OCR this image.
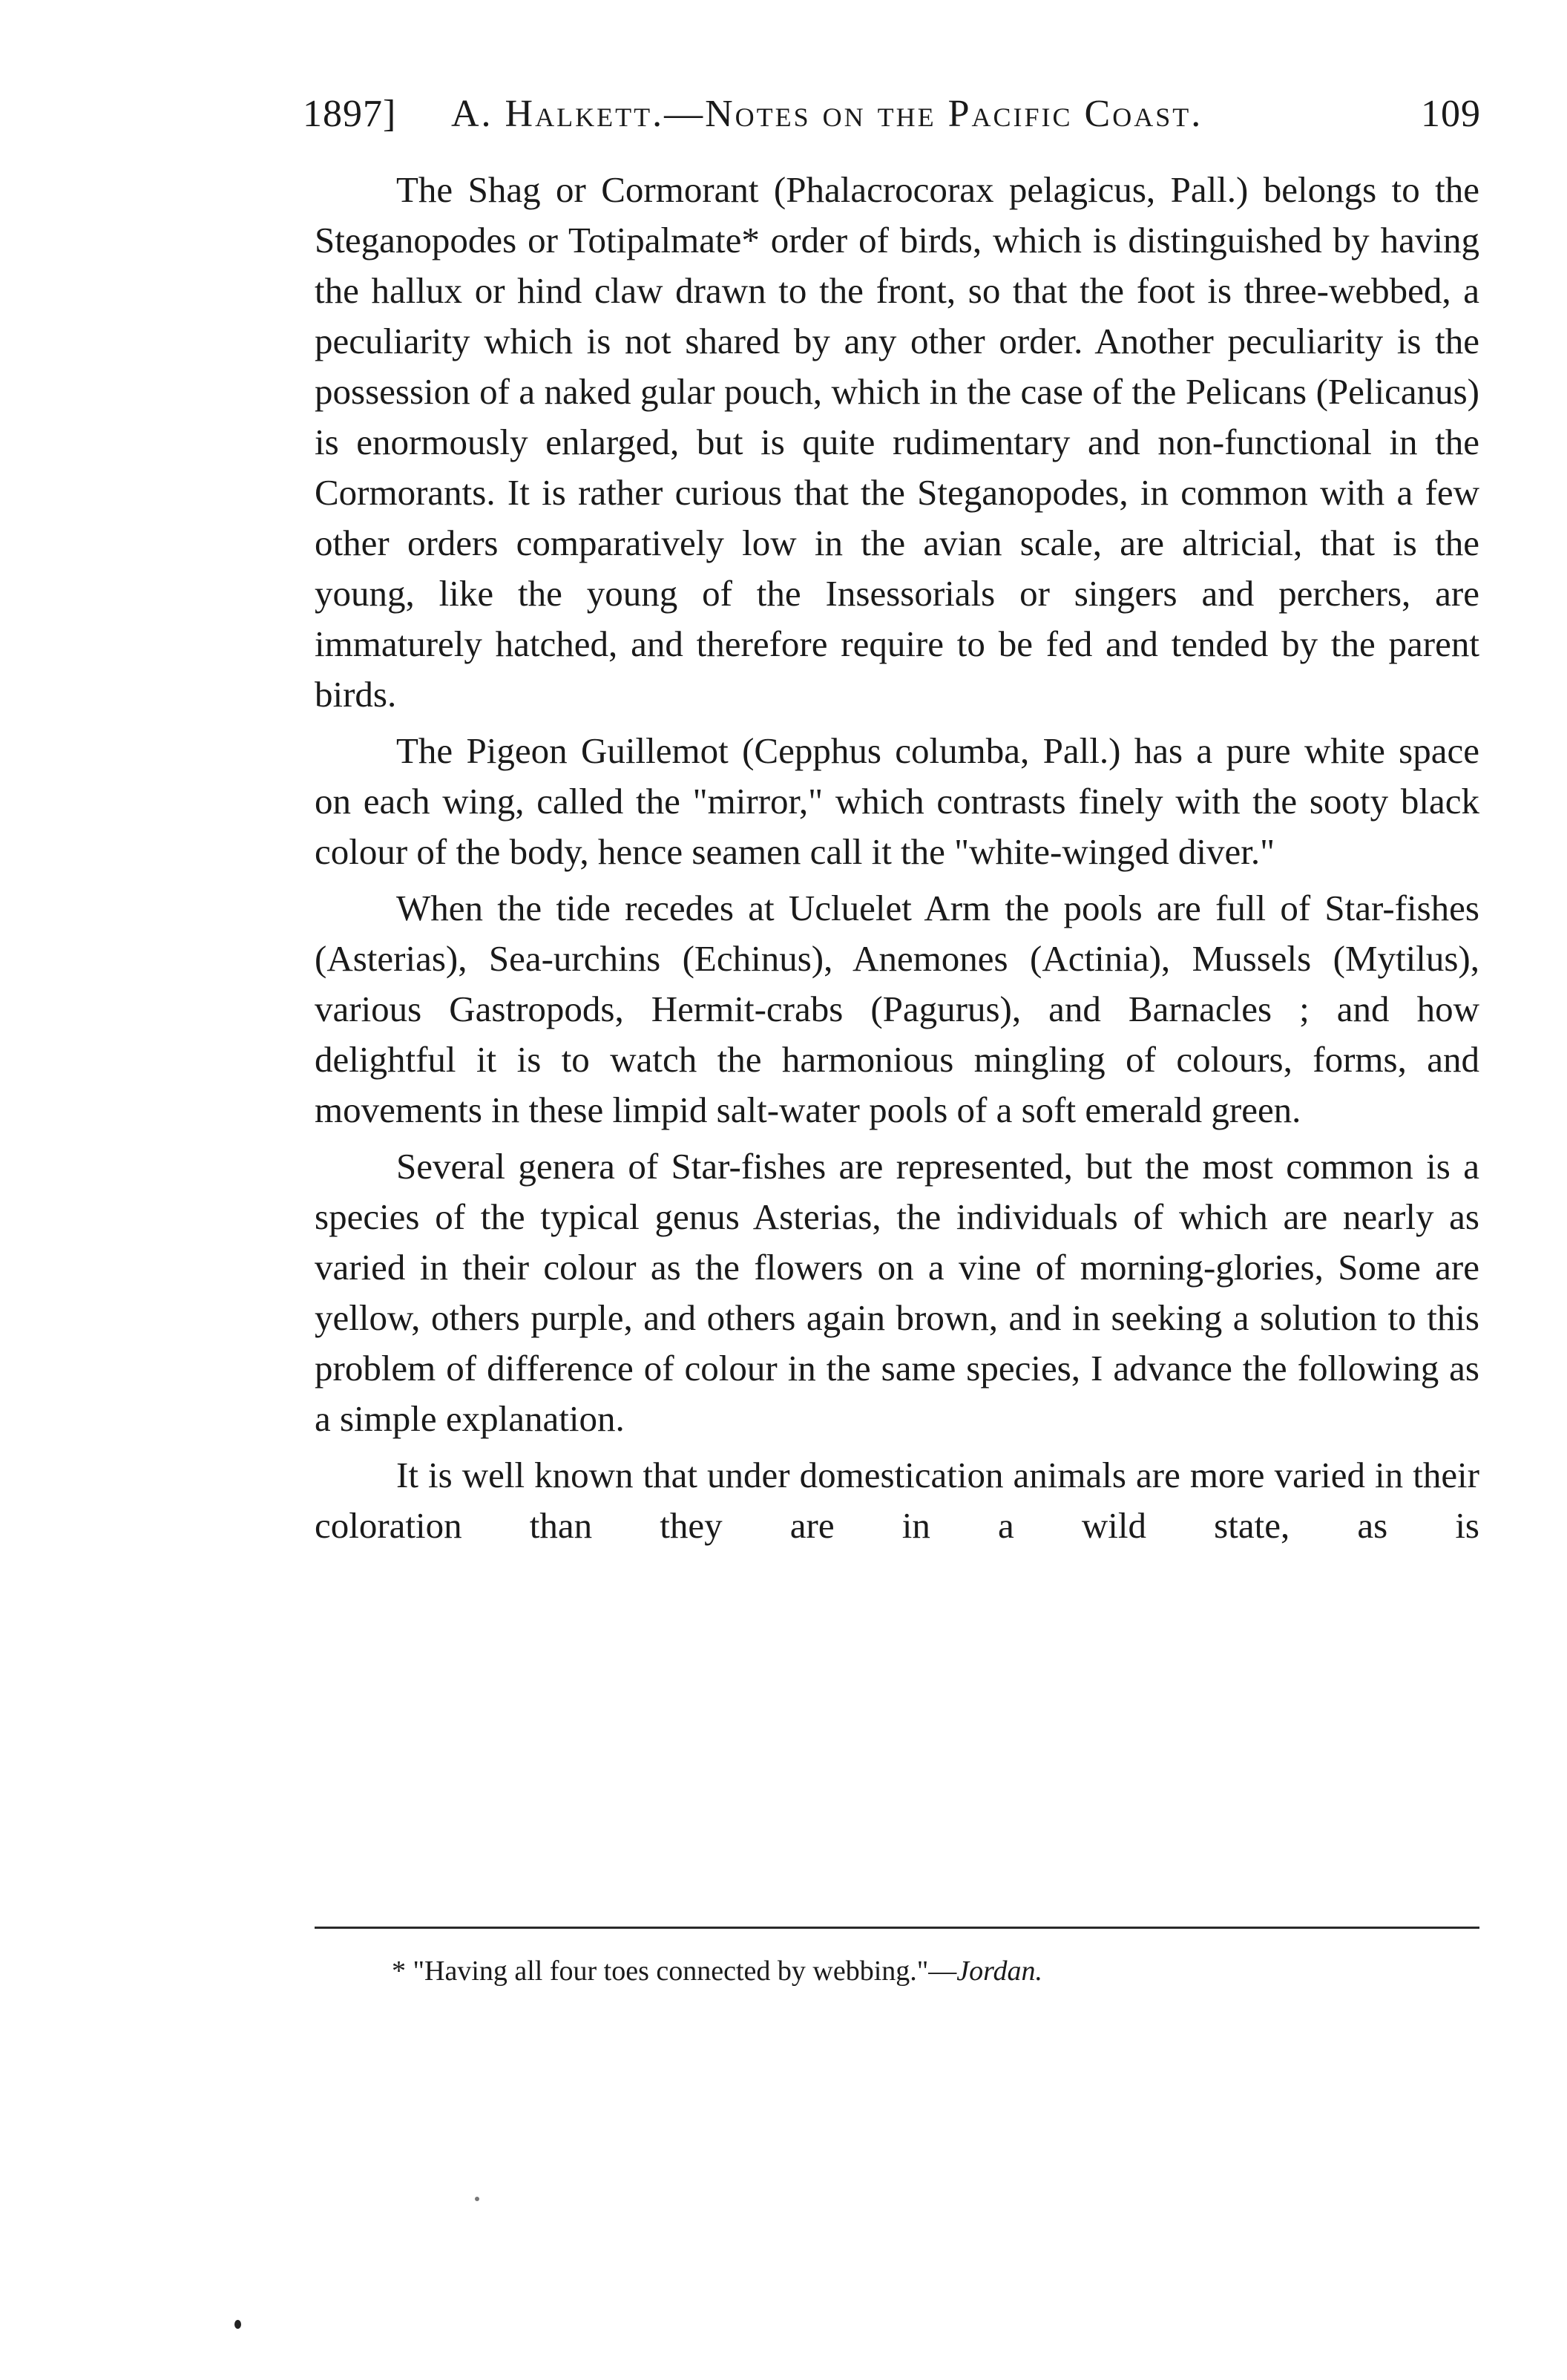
1897] A. Halkett.—Notes on the Pacific Coast.	109

The Shag or Cormorant (Phalacrocorax pelagicus, Pall.) belongs to the Steganopodes or Totipalmate* order of birds, which is distinguished by having the hallux or hind claw drawn to the front, so that the foot is three-webbed, a peculiarity which is not shared by any other order. Another peculiarity is the possession of a naked gular pouch, which in the case of the Pelicans (Pelicanus) is enormously enlarged, but is quite rudimentary and non-functional in the Cormorants. It is rather curious that the Steganopodes, in common with a few other orders comparatively low in the avian scale, are altricial, that is the young, like the young of the Insessorials or singers and perchers, are immaturely hatched, and therefore require to be fed and tended by the parent birds.

The Pigeon Guillemot (Cepphus columba, Pall.) has a pure white space on each wing, called the "mirror," which contrasts finely with the sooty black colour of the body, hence seamen call it the "white-winged diver."

When the tide recedes at Ucluelet Arm the pools are full of Star-fishes (Asterias), Sea-urchins (Echinus), Anemones (Actinia), Mussels (Mytilus), various Gastropods, Hermit-crabs (Pagurus), and Barnacles ; and how delightful it is to watch the harmonious mingling of colours, forms, and movements in these limpid salt-water pools of a soft emerald green.

Several genera of Star-fishes are represented, but the most common is a species of the typical genus Asterias, the individuals of which are nearly as varied in their colour as the flowers on a vine of morning-glories, Some are yellow, others purple, and others again brown, and in seeking a solution to this problem of difference of colour in the same species, I advance the following as a simple explanation.

It is well known that under domestication animals are more varied in their coloration than they are in a wild state, as is

* "Having all four toes connected by webbing."—Jordan.
